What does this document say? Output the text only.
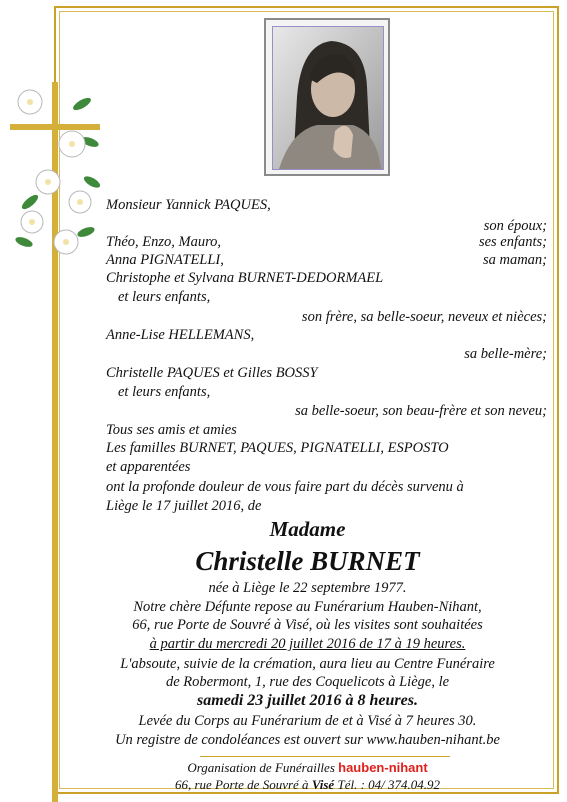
Monsieur Yannick PAQUES,
son époux;
Théo, Enzo, Mauro,	ses enfants;
Anna PIGNATELLI,	sa maman;
Christophe et Sylvana BURNET-DEDORMAEL
et leurs enfants,
son frère, sa belle-soeur, neveux et nièces;
Anne-Lise HELLEMANS,
sa belle-mère;
Christelle PAQUES et Gilles BOSSY
et leurs enfants,
sa belle-soeur, son beau-frère et son neveu;
Tous ses amis et amies
Les familles BURNET, PAQUES, PIGNATELLI, ESPOSTO
et apparentées
ont la profonde douleur de vous faire part du décès survenu à
Liège le 17 juillet 2016, de
Madame
Christelle BURNET
née à Liège le 22 septembre 1977.
Notre chère Défunte repose au Funérarium Hauben-Nihant,
66, rue Porte de Souvré à Visé, où les visites sont souhaitées
à partir du mercredi 20 juillet 2016 de 17 à 19 heures.
L'absoute, suivie de la crémation, aura lieu au Centre Funéraire
de Robermont, 1, rue des Coquelicots à Liège, le
samedi 23 juillet 2016 à 8 heures.
Levée du Corps au Funérarium de et à Visé à 7 heures 30.
Un registre de condoléances est ouvert sur www.hauben-nihant.be
Organisation de Funérailles hauben-nihant
66, rue Porte de Souvré à Visé Tél. : 04/ 374.04.92
